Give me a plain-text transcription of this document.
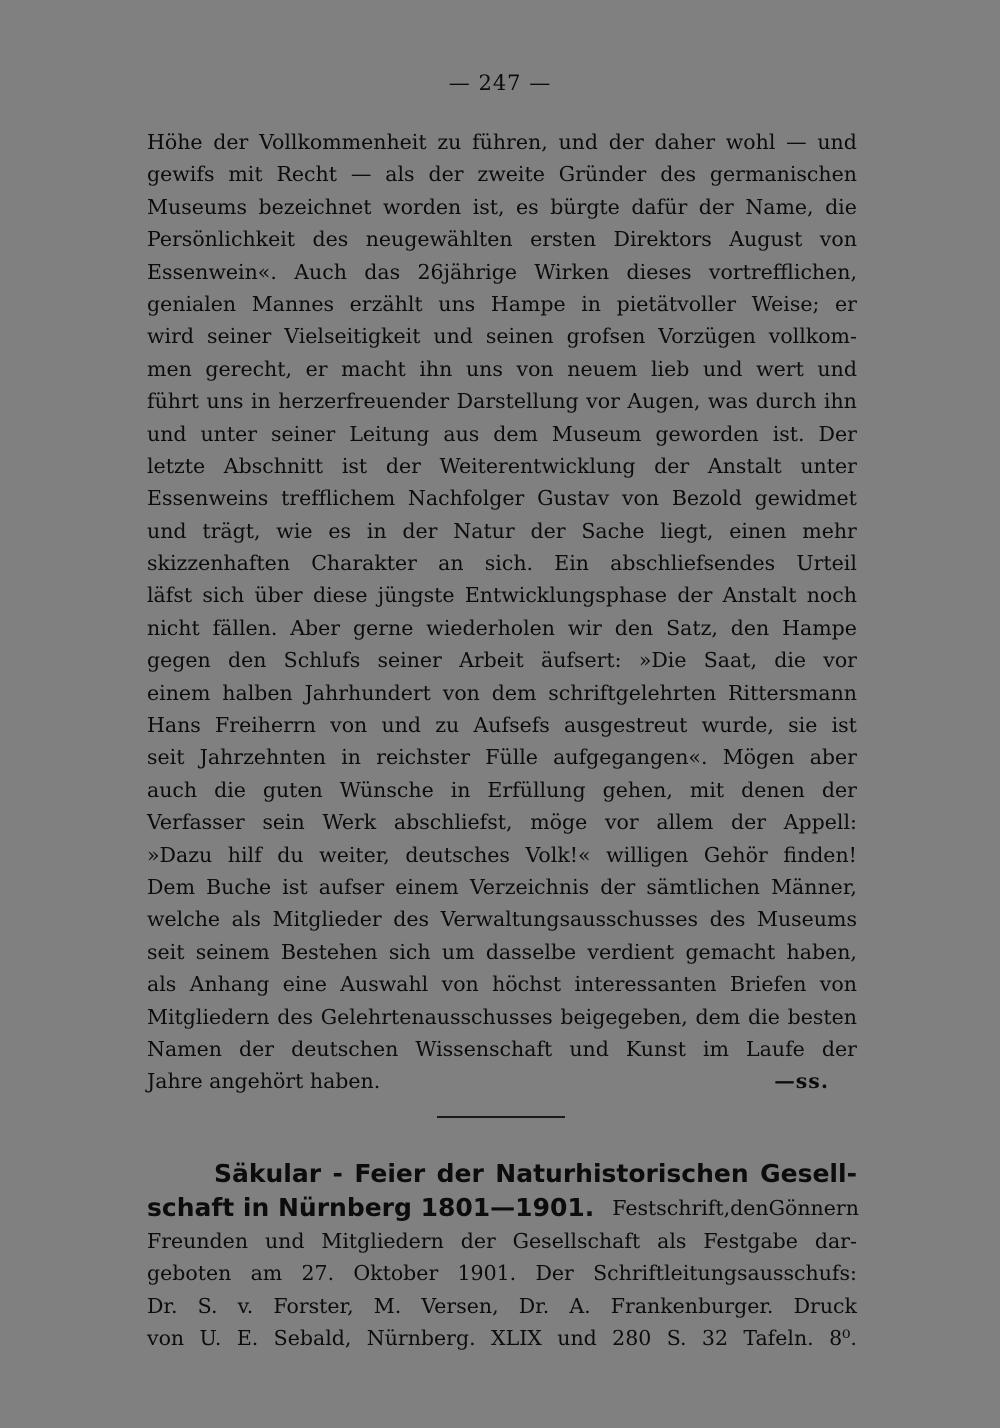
— 247 —
Höhe der Vollkommenheit zu führen, und der daher wohl — und
gewifs mit Recht — als der zweite Gründer des germanischen
Museums bezeichnet worden ist, es bürgte dafür der Name, die
Persönlichkeit des neugewählten ersten Direktors August von
Essenwein«. Auch das 26jährige Wirken dieses vortrefflichen,
genialen Mannes erzählt uns Hampe in pietätvoller Weise; er
wird seiner Vielseitigkeit und seinen grofsen Vorzügen vollkom-
men gerecht, er macht ihn uns von neuem lieb und wert und
führt uns in herzerfreuender Darstellung vor Augen, was durch ihn
und unter seiner Leitung aus dem Museum geworden ist. Der
letzte Abschnitt ist der Weiterentwicklung der Anstalt unter
Essenweins trefflichem Nachfolger Gustav von Bezold gewidmet
und trägt, wie es in der Natur der Sache liegt, einen mehr
skizzenhaften Charakter an sich. Ein abschliefsendes Urteil
läfst sich über diese jüngste Entwicklungsphase der Anstalt noch
nicht fällen. Aber gerne wiederholen wir den Satz, den Hampe
gegen den Schlufs seiner Arbeit äufsert: »Die Saat, die vor
einem halben Jahrhundert von dem schriftgelehrten Rittersmann
Hans Freiherrn von und zu Aufsefs ausgestreut wurde, sie ist
seit Jahrzehnten in reichster Fülle aufgegangen«. Mögen aber
auch die guten Wünsche in Erfüllung gehen, mit denen der
Verfasser sein Werk abschliefst, möge vor allem der Appell:
»Dazu hilf du weiter, deutsches Volk!« willigen Gehör finden!
Dem Buche ist aufser einem Verzeichnis der sämtlichen Männer,
welche als Mitglieder des Verwaltungsausschusses des Museums
seit seinem Bestehen sich um dasselbe verdient gemacht haben,
als Anhang eine Auswahl von höchst interessanten Briefen von
Mitgliedern des Gelehrtenausschusses beigegeben, dem die besten
Namen der deutschen Wissenschaft und Kunst im Laufe der
Jahre angehört haben.	—ss.
Säkular - Feier der Naturhistorischen Gesell-
schaft in Nürnberg 1801—1901. Festschrift, den Gönnern
Freunden und Mitgliedern der Gesellschaft als Festgabe dar-
geboten am 27. Oktober 1901. Der Schriftleitungsausschufs:
Dr. S. v. Forster, M. Versen, Dr. A. Frankenburger. Druck
von U. E. Sebald, Nürnberg. XLIX und 280 S. 32 Tafeln. 8⁰.
